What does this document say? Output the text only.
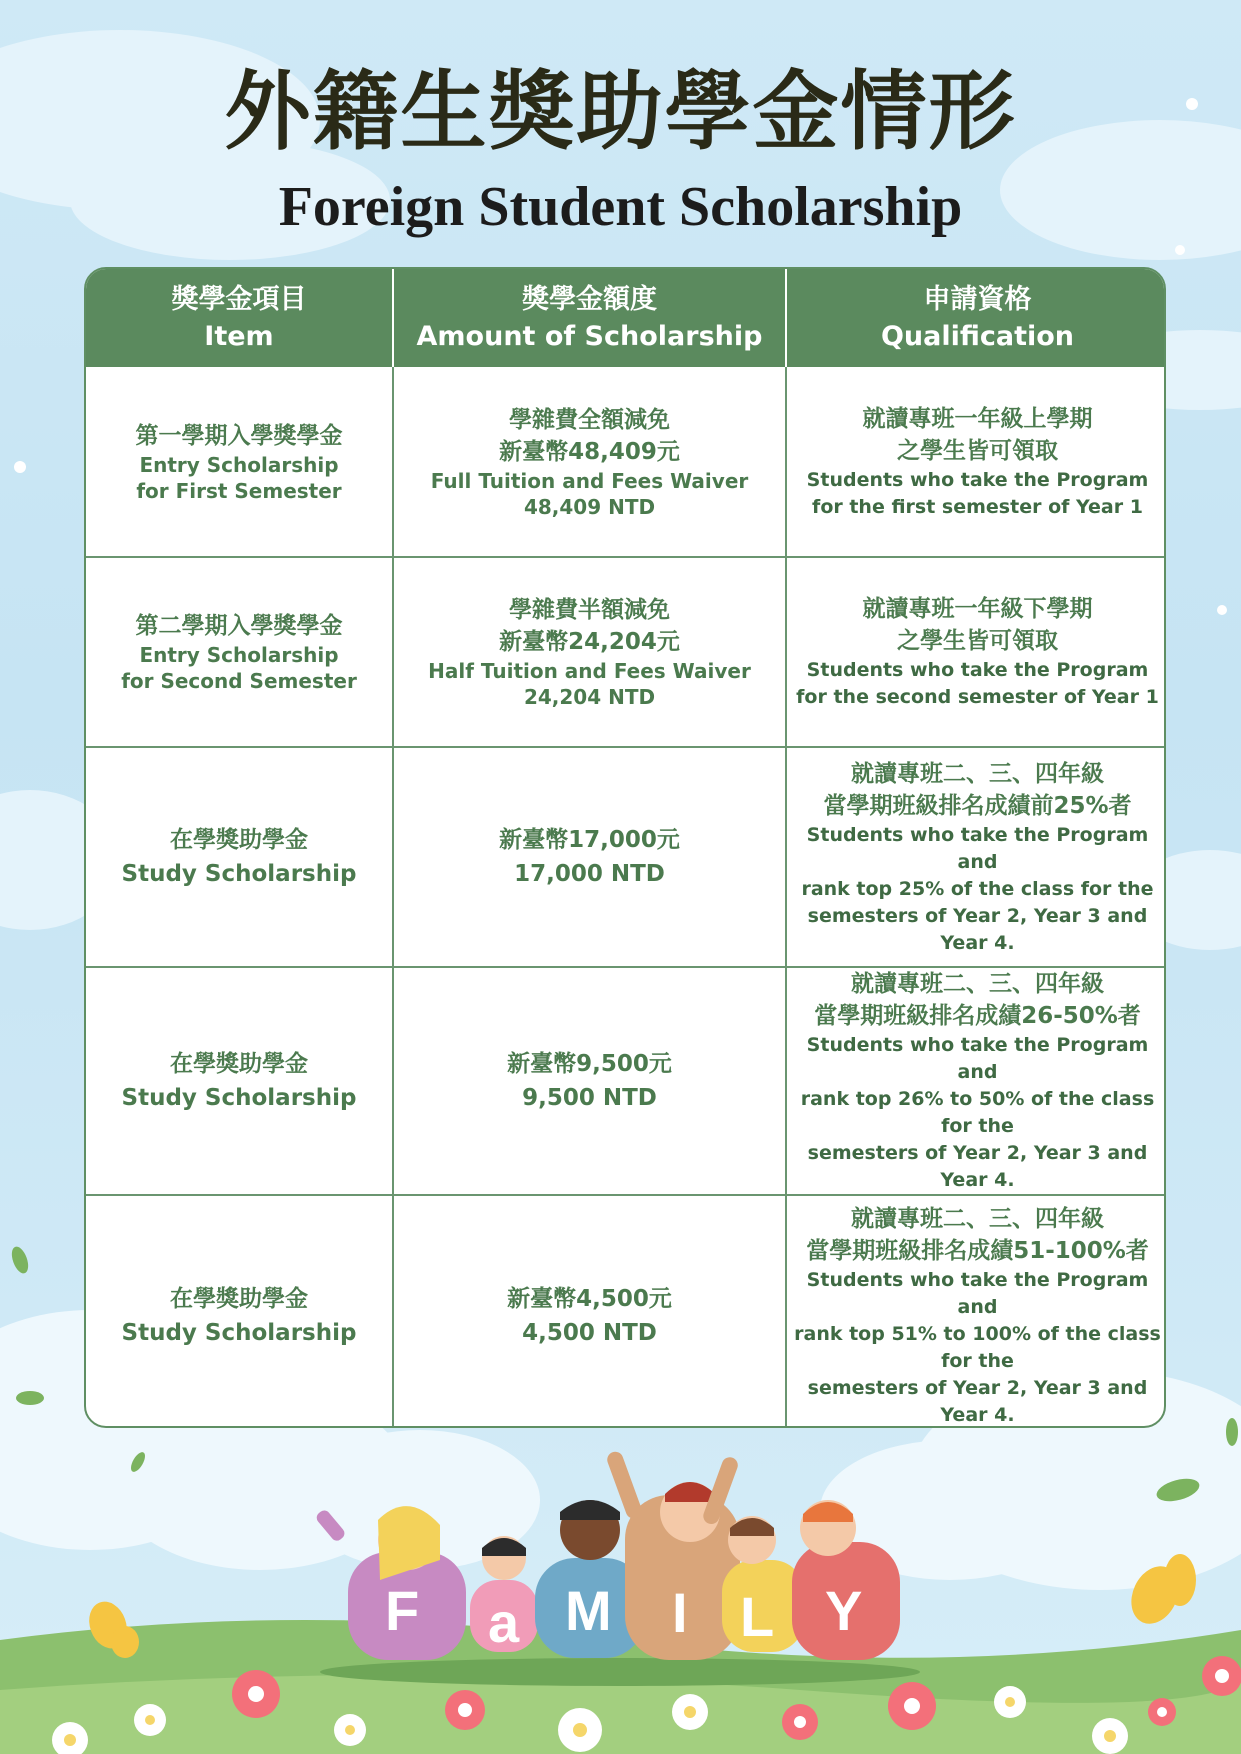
F a M I L Y
外籍生獎助學金情形
Foreign Student Scholarship
獎學金項目
Item	獎學金額度
Amount of Scholarship	申請資格
Qualification

第一學期入學獎學金
Entry Scholarship
for First Semester	學雜費全額減免
新臺幣48,409元
Full Tuition and Fees Waiver
48,409 NTD	就讀專班一年級上學期
之學生皆可領取
Students who take the Program
for the first semester of Year 1

第二學期入學獎學金
Entry Scholarship
for Second Semester	學雜費半額減免
新臺幣24,204元
Half Tuition and Fees Waiver
24,204 NTD	就讀專班一年級下學期
之學生皆可領取
Students who take the Program
for the second semester of Year 1

在學獎助學金
Study Scholarship	新臺幣17,000元
17,000 NTD	就讀專班二、三、四年級
當學期班級排名成績前25%者
Students who take the Program and
rank top 25% of the class for the
semesters of Year 2, Year 3 and Year 4.

在學獎助學金
Study Scholarship	新臺幣9,500元
9,500 NTD	就讀專班二、三、四年級
當學期班級排名成績26-50%者
Students who take the Program and
rank top 26% to 50% of the class for the
semesters of Year 2, Year 3 and Year 4.

在學獎助學金
Study Scholarship	新臺幣4,500元
4,500 NTD	就讀專班二、三、四年級
當學期班級排名成績51-100%者
Students who take the Program and
rank top 51% to 100% of the class for the
semesters of Year 2, Year 3 and Year 4.
